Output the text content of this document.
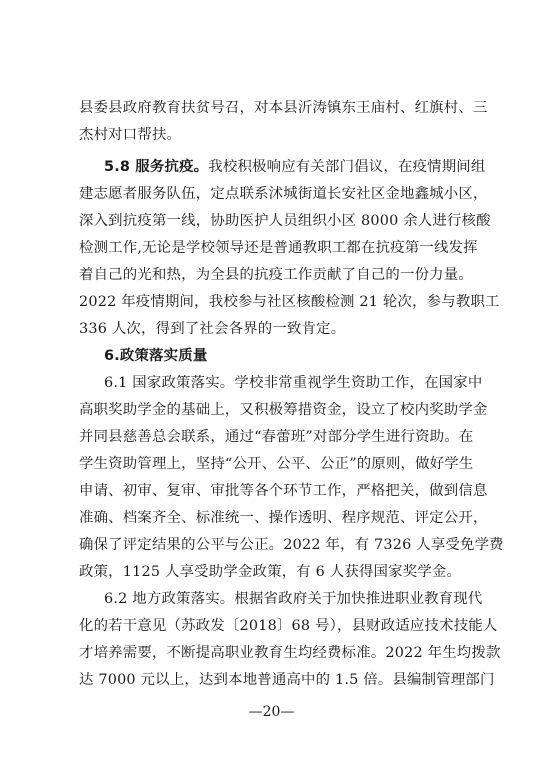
县委县政府教育扶贫号召，对本县沂涛镇东王庙村、红旗村、三
杰村对口帮扶。
5.8 服务抗疫。我校积极响应有关部门倡议，在疫情期间组
建志愿者服务队伍，定点联系沭城街道长安社区金地鑫城小区，
深入到抗疫第一线，协助医护人员组织小区 8000 余人进行核酸
检测工作,无论是学校领导还是普通教职工都在抗疫第一线发挥
着自己的光和热，为全县的抗疫工作贡献了自己的一份力量。
2022 年疫情期间，我校参与社区核酸检测 21 轮次，参与教职工
336 人次，得到了社会各界的一致肯定。
6.政策落实质量
6.1 国家政策落实。学校非常重视学生资助工作，在国家中
高职奖助学金的基础上，又积极筹措资金，设立了校内奖助学金
并同县慈善总会联系，通过“春蕾班”对部分学生进行资助。在
学生资助管理上，坚持“公开、公平、公正”的原则，做好学生
申请、初审、复审、审批等各个环节工作，严格把关，做到信息
准确、档案齐全、标准统一、操作透明、程序规范、评定公开，
确保了评定结果的公平与公正。2022 年，有 7326 人享受免学费
政策，1125 人享受助学金政策，有 6 人获得国家奖学金。
6.2 地方政策落实。根据省政府关于加快推进职业教育现代
化的若干意见（苏政发〔2018〕68 号），县财政适应技术技能人
才培养需要，不断提高职业教育生均经费标准。2022 年生均拨款
达 7000 元以上，达到本地普通高中的 1.5 倍。县编制管理部门
—20—
